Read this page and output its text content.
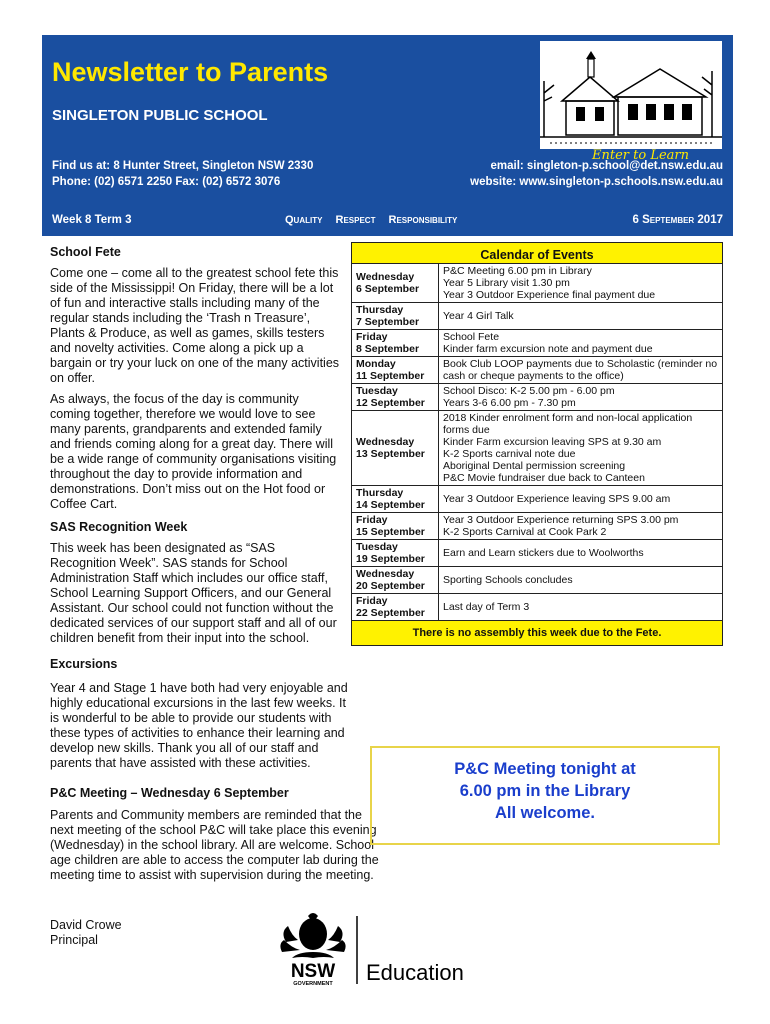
Newsletter to Parents
SINGLETON PUBLIC SCHOOL
Enter to Learn
Find us at: 8 Hunter Street, Singleton NSW 2330
Phone: (02) 6571 2250 Fax: (02) 6572 3076
email: singleton-p.school@det.nsw.edu.au
website: www.singleton-p.schools.nsw.edu.au
Week 8 Term 3	Quality Respect Responsibility	6 September 2017
School Fete

Come one – come all to the greatest school fete this side of the Mississippi! On Friday, there will be a lot of fun and interactive stalls including many of the regular stands including the ‘Trash n Treasure’, Plants & Produce, as well as games, skills testers and novelty activities. Come along a pick up a bargain or try your luck on one of the many activities on offer.

As always, the focus of the day is community coming together, therefore we would love to see many parents, grandparents and extended family and friends coming along for a great day. There will be a wide range of community organisations visiting throughout the day to provide information and demonstrations. Don’t miss out on the Hot food or Coffee Cart.

SAS Recognition Week

This week has been designated as “SAS Recognition Week”. SAS stands for School Administration Staff which includes our office staff, School Learning Support Officers, and our General Assistant. Our school could not function without the dedicated services of our support staff and all of our children benefit from their input into the school.

Excursions

Year 4 and Stage 1 have both had very enjoyable and highly educational excursions in the last few weeks. It is wonderful to be able to provide our students with these types of activities to enhance their learning and develop new skills. Thank you all of our staff and parents that have assisted with these activities.

P&C Meeting – Wednesday 6 September

Parents and Community members are reminded that the next meeting of the school P&C will take place this evening (Wednesday) in the school library. All are welcome. School age children are able to access the computer lab during the meeting time to assist with supervision during the meeting.

Calendar of Events
Wednesday
6 September	P&C Meeting 6.00 pm in Library
Year 5 Library visit 1.30 pm
Year 3 Outdoor Experience final payment due
Thursday
7 September	Year 4 Girl Talk
Friday
8 September	School Fete
Kinder farm excursion note and payment due
Monday
11 September	Book Club LOOP payments due to Scholastic (reminder no cash or cheque payments to the office)
Tuesday
12 September	School Disco: K-2 5.00 pm - 6.00 pm
Years 3-6 6.00 pm - 7.30 pm
Wednesday
13 September	2018 Kinder enrolment form and non-local application forms due
Kinder Farm excursion leaving SPS at 9.30 am
K-2 Sports carnival note due
Aboriginal Dental permission screening
P&C Movie fundraiser due back to Canteen
Thursday
14 September	Year 3 Outdoor Experience leaving SPS 9.00 am
Friday
15 September	Year 3 Outdoor Experience returning SPS 3.00 pm
K-2 Sports Carnival at Cook Park 2
Tuesday
19 September	Earn and Learn stickers due to Woolworths
Wednesday
20 September	Sporting Schools concludes
Friday
22 September	Last day of Term 3
There is no assembly this week due to the Fete.
P&C Meeting tonight at
6.00 pm in the Library
All welcome.
David Crowe
Principal
NSW
GOVERNMENT Education
